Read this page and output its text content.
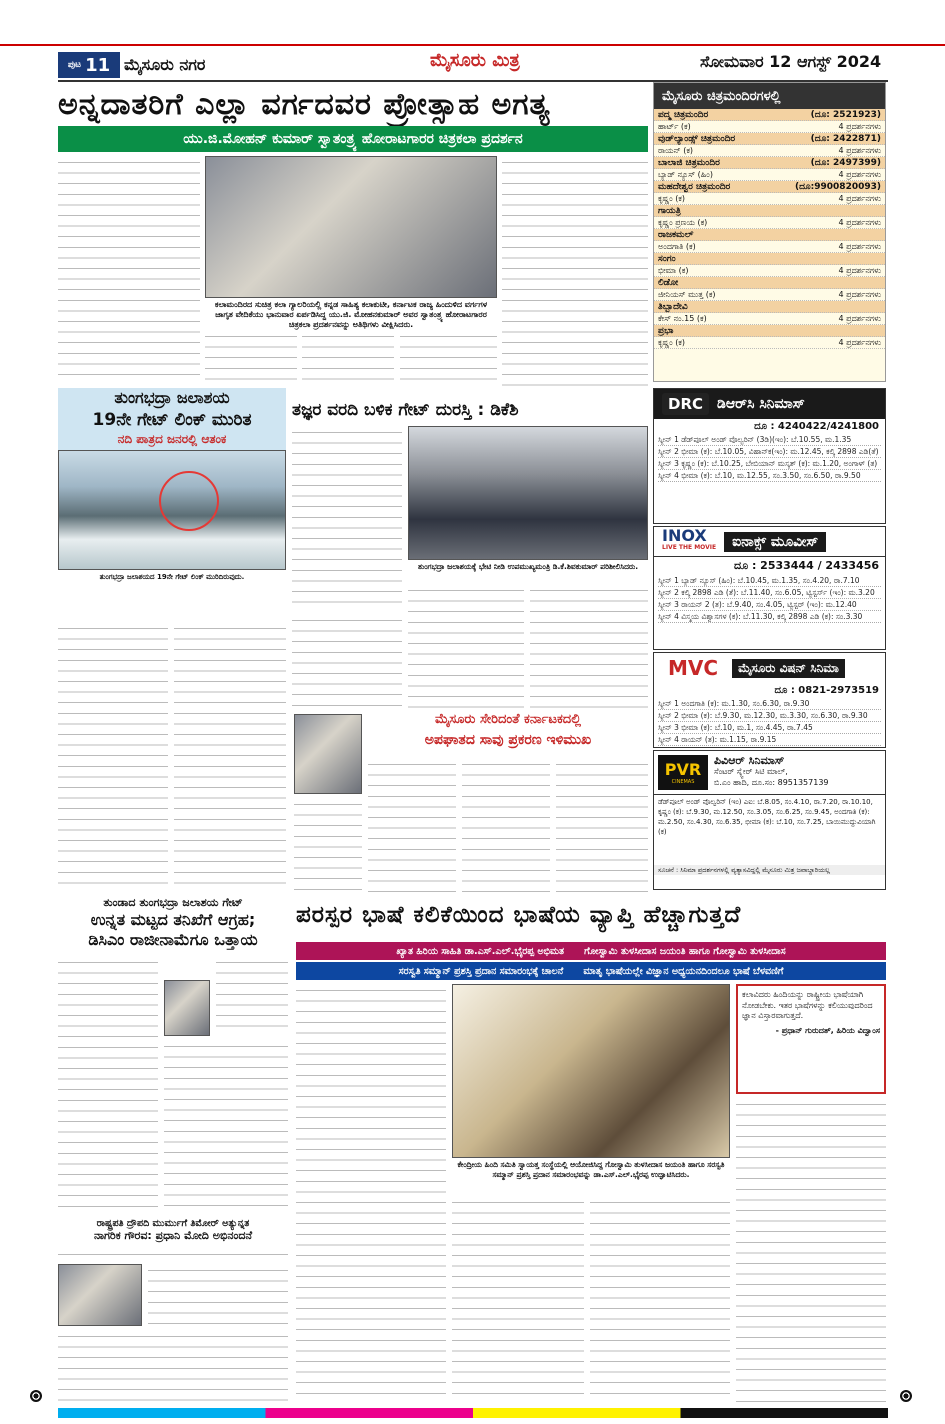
ಪುಟ 11 ಮೈಸೂರು ನಗರ	ಮೈಸೂರು ಮಿತ್ರ	ಸೋಮವಾರ 12 ಆಗಸ್ಟ್ 2024
ಅನ್ನದಾತರಿಗೆ ಎಲ್ಲಾ ವರ್ಗದವರ ಪ್ರೋತ್ಸಾಹ ಅಗತ್ಯ
ಯು.ಜಿ.ಮೋಹನ್ ಕುಮಾರ್ ಸ್ವಾತಂತ್ರ್ಯ ಹೋರಾಟಗಾರರ ಚಿತ್ರಕಲಾ ಪ್ರದರ್ಶನ
ಕಲಾಮಂದಿರದ ಸುಚಿತ್ರ ಕಲಾ ಗ್ಯಾಲರಿಯಲ್ಲಿ ಕನ್ನಡ ಸಾಹಿತ್ಯ ಕಲಾಕುಟೀ, ಕರ್ನಾಟಕ ರಾಜ್ಯ ಹಿಂದುಳಿದ ವರ್ಗಗಳ ಜಾಗೃತ ವೇದಿಕೆಯು ಭಾನುವಾರ ಏರ್ಪಡಿಸಿದ್ದ ಯು.ಜಿ. ಮೋಹನಕುಮಾರ್ ಅವರ ಸ್ವಾತಂತ್ರ್ಯ ಹೋರಾಟಗಾರರ ಚಿತ್ರಕಲಾ ಪ್ರದರ್ಶನವನ್ನು ಅತಿಥಿಗಳು ವೀಕ್ಷಿಸಿದರು.
ಮೈಸೂರು ಚಿತ್ರಮಂದಿರಗಳಲ್ಲಿ
ಪದ್ಮ ಚಿತ್ರಮಂದಿರ	(ದೂ: 2521923)
ಹಾರ್ಟ್ (ಕ)	4 ಪ್ರದರ್ಶನಗಳು
ವುಡ್‌ಲ್ಯಾಂಡ್ಸ್ ಚಿತ್ರಮಂದಿರ	(ದೂ: 2422871)
ರಾಯನ್ (ಕ)	4 ಪ್ರದರ್ಶನಗಳು
ಬಾಲಾಜಿ ಚಿತ್ರಮಂದಿರ	(ದೂ: 2497399)
ಬ್ಯಾಡ್ ನ್ಯೂಸ್ (ಹಿಂ)	4 ಪ್ರದರ್ಶನಗಳು
ಮಹದೇಶ್ವರ ಚಿತ್ರಮಂದಿರ	(ದೂ:9900820093)
ಕೃಷ್ಣಂ (ಕ)	4 ಪ್ರದರ್ಶನಗಳು
ಗಾಯತ್ರಿ
ಕೃಷ್ಣಂ ಪ್ರಣಯ (ಕ)	4 ಪ್ರದರ್ಶನಗಳು
ರಾಜಕಮಲ್
ಅಂದಗಾತಿ (ಕ)	4 ಪ್ರದರ್ಶನಗಳು
ಸಂಗಂ
ಭೀಮಾ (ಕ)	4 ಪ್ರದರ್ಶನಗಳು
ಲಿಡೋ
ಜೀನಿಯಸ್ ಮುತ್ತ (ಕ)	4 ಪ್ರದರ್ಶನಗಳು
ತಿಬ್ಬಾದೇವಿ
ಕೇಸ್ ನಂ.15 (ಕ)	4 ಪ್ರದರ್ಶನಗಳು
ಪ್ರಭಾ
ಕೃಷ್ಣಂ (ಕ)	4 ಪ್ರದರ್ಶನಗಳು
DRC	ಡಿಆರ್‌ಸಿ ಸಿನಿಮಾಸ್
ದೂ : 4240422/4241800
ಸ್ಕ್ರೀನ್ 1 ಡೆಡ್‌ಪೂಲ್ ಅಂಡ್ ವೊಲ್ವರಿನ್ (3ಡಿ)(ಇಂ): ಬೆ.10.55, ಮ.1.35
ಸ್ಕ್ರೀನ್ 2 ಭೀಮಾ (ಕ): ಬೆ.10.05, ವಿಹಾನ್‌ಕ(ಇಂ): ಮ.12.45, ಕಲ್ಕಿ 2898 ಎಡಿ(ತೆ)
ಸ್ಕ್ರೀನ್ 3 ಕೃಷ್ಣಂ (ಕ): ಬೆ.10.25, ಬೇಬಿಯಾನ್ ಮಸ್ಕತ್ (ಕ): ಮ.1.20, ಅಂಗಾಳ್ (ತ)
ಸ್ಕ್ರೀನ್ 4 ಭೀಮಾ (ಕ): ಬೆ.10, ಮ.12.55, ಸಂ.3.50, ಸಂ.6.50, ರಾ.9.50
INOX
LIVE THE MOVIE	ಐನಾಕ್ಸ್ ಮೂವೀಸ್
ದೂ : 2533444 / 2433456
ಸ್ಕ್ರೀನ್ 1 ಬ್ಯಾಡ್ ನ್ಯೂಸ್ (ಹಿಂ): ಬೆ.10.45, ಮ.1.35, ಸಂ.4.20, ರಾ.7.10
ಸ್ಕ್ರೀನ್ 2 ಕಲ್ಕಿ 2898 ಎಡಿ (ತೆ): ಬೆ.11.40, ಸಂ.6.05, ಟ್ವಿಸ್ಟರ್ಸ್ (ಇಂ): ಮ.3.20
ಸ್ಕ್ರೀನ್ 3 ರಾಯನ್ 2 (ತ): ಬೆ.9.40, ಸಂ.4.05, ಟ್ವಿಸ್ಟರ್ (ಇಂ): ಮ.12.40
ಸ್ಕ್ರೀನ್ 4 ವಿಸ್ಮಯ ವಿಶ್ವಾಸಗಳ (ಕ): ಬೆ.11.30, ಕಲ್ಕಿ 2898 ಎಡಿ (ಕ): ಸಂ.3.30
MVC	ಮೈಸೂರು ವಿಷನ್ ಸಿನಿಮಾ
ದೂ : 0821-2973519
ಸ್ಕ್ರೀನ್ 1 ಅಂದಗಾತಿ (ಕ): ಮ.1.30, ಸಂ.6.30, ರಾ.9.30
ಸ್ಕ್ರೀನ್ 2 ಭೀಮಾ (ಕ): ಬೆ.9.30, ಮ.12.30, ಮ.3.30, ಸಂ.6.30, ರಾ.9.30
ಸ್ಕ್ರೀನ್ 3 ಭೀಮಾ (ಕ): ಬೆ.10, ಮ.1, ಸಂ.4.45, ರಾ.7.45
ಸ್ಕ್ರೀನ್ 4 ರಾಯನ್ (ತ): ಮ.1.15, ರಾ.9.15
PVR
CINEMAS
ಪಿವಿಆರ್ ಸಿನಿಮಾಸ್
ಸೆಂಟರ್ ಸ್ಕ್ವೇರ್ ಸಿಟಿ ಮಾಲ್,
ಬಿ.ಎಂ ಹಾದಿ, ದೂ.ಸಂ: 8951357139
ಡೆಡ್‌ಪೂಲ್ ಅಂಡ್ ವೊಲ್ವರಿನ್ (ಇಂ) ಎಐ: ಬೆ.8.05, ಸಂ.4.10, ರಾ.7.20, ರಾ.10.10, ಕೃಷ್ಣಂ (ಕ): ಬೆ.9.30, ಮ.12.50, ಸಂ.3.05, ಸಂ.6.25, ಸಂ.9.45, ಅಂದಗಾತಿ (ಕ): ಮ.2.50, ಸಂ.4.30, ಸಂ.6.35, ಭೀಮಾ (ಕ): ಬೆ.10, ಸಂ.7.25, ಬಾಯಿಮುದ್ದುವಿಯಾಗಿ (ಕ)
ಸೂಚನೆ : ಸಿನಿಮಾ ಪ್ರದರ್ಶನಗಳಲ್ಲಿ ವ್ಯತ್ಯಾಸವಿದ್ದಲ್ಲಿ ಮೈಸೂರು ಮಿತ್ರ ಜವಾಬ್ದಾರಿಯಲ್ಲ
ತುಂಗಭದ್ರಾ ಜಲಾಶಯ
19ನೇ ಗೇಟ್ ಲಿಂಕ್ ಮುರಿತ
ನದಿ ಪಾತ್ರದ ಜನರಲ್ಲಿ ಆತಂಕ
ತುಂಗಭದ್ರಾ ಜಲಾಶಯದ 19ನೇ ಗೇಟ್ ಲಿಂಕ್ ಮುರಿದಿರುವುದು.
ತಜ್ಞರ ವರದಿ ಬಳಿಕ ಗೇಟ್ ದುರಸ್ತಿ : ಡಿಕೆಶಿ
ತುಂಗಭದ್ರಾ ಜಲಾಶಯಕ್ಕೆ ಭೇಟಿ ನೀಡಿ ಉಪಮುಖ್ಯಮಂತ್ರಿ ಡಿ.ಕೆ.ಶಿವಕುಮಾರ್ ಪರಿಶೀಲಿಸಿದರು.
ಮೈಸೂರು ಸೇರಿದಂತೆ ಕರ್ನಾಟಕದಲ್ಲಿ
ಅಪಘಾತದ ಸಾವು ಪ್ರಕರಣ ಇಳಿಮುಖ
ತುಂಡಾದ ತುಂಗಭದ್ರಾ ಜಲಾಶಯ ಗೇಟ್
ಉನ್ನತ ಮಟ್ಟದ ತನಿಖೆಗೆ ಆಗ್ರಹ;
ಡಿಸಿಎಂ ರಾಜೀನಾಮೆಗೂ ಒತ್ತಾಯ
ರಾಷ್ಟ್ರಪತಿ ದ್ರೌಪದಿ ಮುರ್ಮುಗೆ ತಿಮೋರ್ ಅತ್ಯುನ್ನತ
ನಾಗರಿಕ ಗೌರವ: ಪ್ರಧಾನಿ ಮೋದಿ ಅಭಿನಂದನೆ
ಪರಸ್ಪರ ಭಾಷೆ ಕಲಿಕೆಯಿಂದ ಭಾಷೆಯ ವ್ಯಾಪ್ತಿ ಹೆಚ್ಚಾಗುತ್ತದೆ
ಖ್ಯಾತ ಹಿರಿಯ ಸಾಹಿತಿ ಡಾ.ಎಸ್.ಎಲ್.ಭೈರಪ್ಪ ಅಭಿಮತ ಗೋಸ್ವಾಮಿ ತುಳಸೀದಾಸ ಜಯಂತಿ ಹಾಗೂ ಗೋಸ್ವಾಮಿ ತುಳಸೀದಾಸ
ಸರಸ್ವತಿ ಸಮ್ಮಾನ್ ಪ್ರಶಸ್ತಿ ಪ್ರದಾನ ಸಮಾರಂಭಕ್ಕೆ ಚಾಲನೆ ಮಾತೃ ಭಾಷೆಯಲ್ಲೇ ವಿಜ್ಞಾನ ಅಧ್ಯಯನದಿಂದಲೂ ಭಾಷೆ ಬೆಳವಣಿಗೆ
ಕೇಂದ್ರೀಯ ಹಿಂದಿ ಸಮಿತಿ ಸ್ವಾಯತ್ತ ಸಂಸ್ಥೆಯಲ್ಲಿ ಆಯೋಜಿಸಿದ್ದ ಗೋಸ್ವಾಮಿ ತುಳಸೀದಾಸ ಜಯಂತಿ ಹಾಗೂ ಸರಸ್ವತಿ ಸಮ್ಮಾನ್ ಪ್ರಶಸ್ತಿ ಪ್ರದಾನ ಸಮಾರಂಭವನ್ನು ಡಾ.ಎಸ್.ಎಲ್.ಭೈರಪ್ಪ ಉದ್ಘಾಟಿಸಿದರು.
ಕಲಾವಿದರು ಹಿಂದಿಯನ್ನು ರಾಷ್ಟ್ರೀಯ ಭಾಷೆಯಾಗಿ ನೋಡಬೇಕು. ಇತರ ಭಾಷೆಗಳನ್ನು ಕಲಿಯುವುದರಿಂದ ಜ್ಞಾನ ವಿಸ್ತಾರವಾಗುತ್ತದೆ.
- ಪ್ರಧಾನ್ ಗುರುದತ್, ಹಿರಿಯ ವಿದ್ವಾಂಸ
